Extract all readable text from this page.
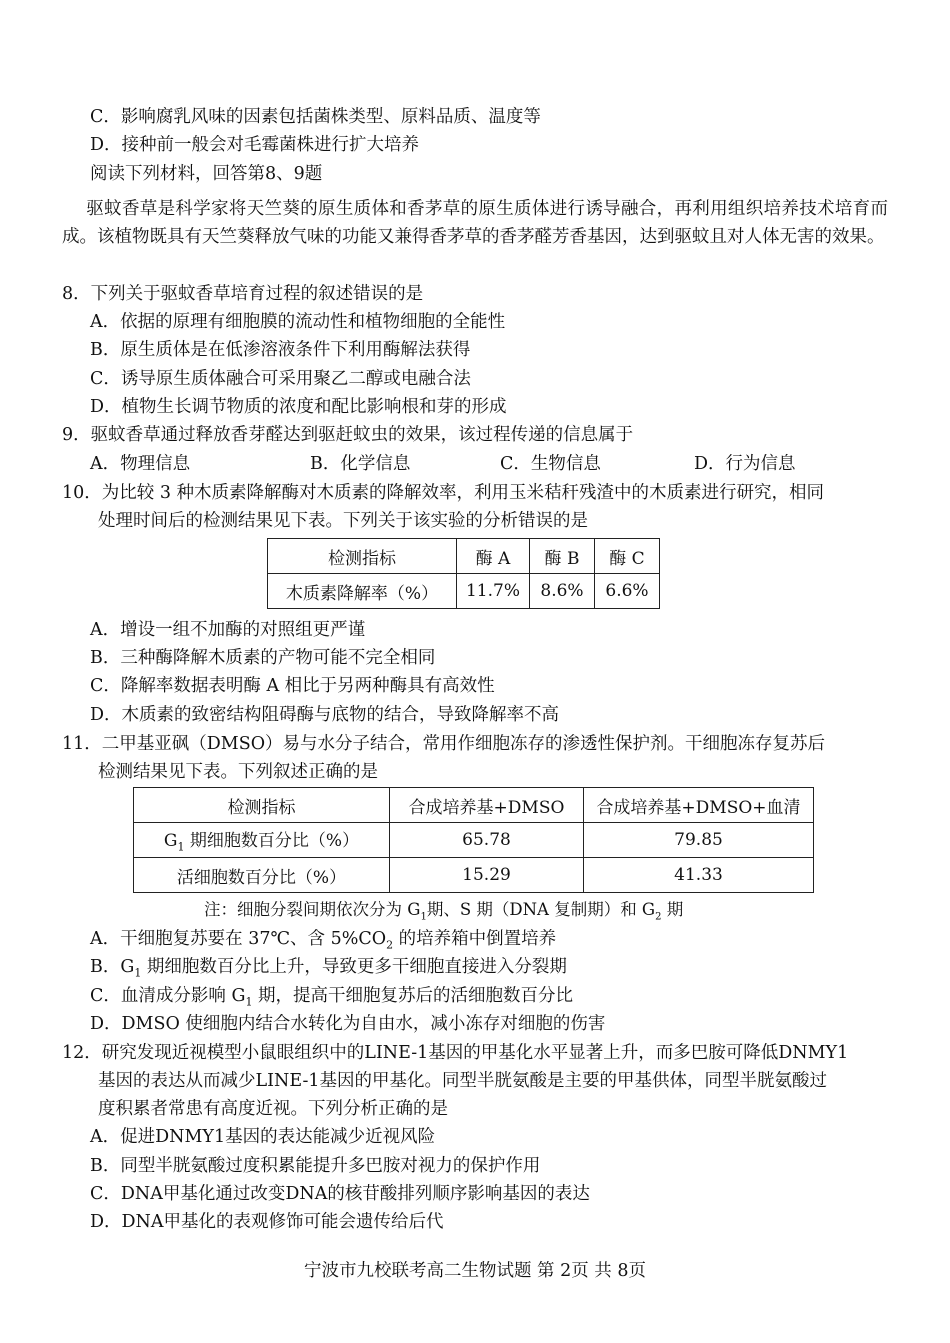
C．影响腐乳风味的因素包括菌株类型、原料品质、温度等
D．接种前一般会对毛霉菌株进行扩大培养
阅读下列材料，回答第8、9题
驱蚊香草是科学家将天竺葵的原生质体和香茅草的原生质体进行诱导融合，再利用组织培养技术培育而成。该植物既具有天竺葵释放气味的功能又兼得香茅草的香茅醛芳香基因，达到驱蚊且对人体无害的效果。
8．下列关于驱蚊香草培育过程的叙述错误的是
A．依据的原理有细胞膜的流动性和植物细胞的全能性
B．原生质体是在低渗溶液条件下利用酶解法获得
C．诱导原生质体融合可采用聚乙二醇或电融合法
D．植物生长调节物质的浓度和配比影响根和芽的形成
9．驱蚊香草通过释放香芽醛达到驱赶蚊虫的效果，该过程传递的信息属于
A．物理信息	B．化学信息	C．生物信息	D．行为信息
10．为比较 3 种木质素降解酶对木质素的降解效率，利用玉米秸秆残渣中的木质素进行研究，相同
处理时间后的检测结果见下表。下列关于该实验的分析错误的是
检测指标	酶 A	酶 B	酶 C
木质素降解率（%）	11.7%	8.6%	6.6%
A．增设一组不加酶的对照组更严谨
B．三种酶降解木质素的产物可能不完全相同
C．降解率数据表明酶 A 相比于另两种酶具有高效性
D．木质素的致密结构阻碍酶与底物的结合，导致降解率不高
11．二甲基亚砜（DMSO）易与水分子结合，常用作细胞冻存的渗透性保护剂。干细胞冻存复苏后
检测结果见下表。下列叙述正确的是
检测指标	合成培养基+DMSO	合成培养基+DMSO+血清
$G_1$ 期细胞数百分比（%）	65.78	79.85
活细胞数百分比（%）	15.29	41.33
注：细胞分裂间期依次分为 $G_1$期、S 期（DNA 复制期）和 $G_2$ 期
A．干细胞复苏要在 37℃、含 $5\%CO_2$ 的培养箱中倒置培养
B．$G_1$ 期细胞数百分比上升，导致更多干细胞直接进入分裂期
C．血清成分影响 $G_1$ 期，提高干细胞复苏后的活细胞数百分比
D．DMSO 使细胞内结合水转化为自由水，减小冻存对细胞的伤害
12．研究发现近视模型小鼠眼组织中的LINE-1基因的甲基化水平显著上升，而多巴胺可降低DNMY1
基因的表达从而减少LINE-1基因的甲基化。同型半胱氨酸是主要的甲基供体，同型半胱氨酸过
度积累者常患有高度近视。下列分析正确的是
A．促进DNMY1基因的表达能减少近视风险
B．同型半胱氨酸过度积累能提升多巴胺对视力的保护作用
C．DNA甲基化通过改变DNA的核苷酸排列顺序影响基因的表达
D．DNA甲基化的表观修饰可能会遗传给后代
宁波市九校联考高二生物试题 第 2页 共 8页
